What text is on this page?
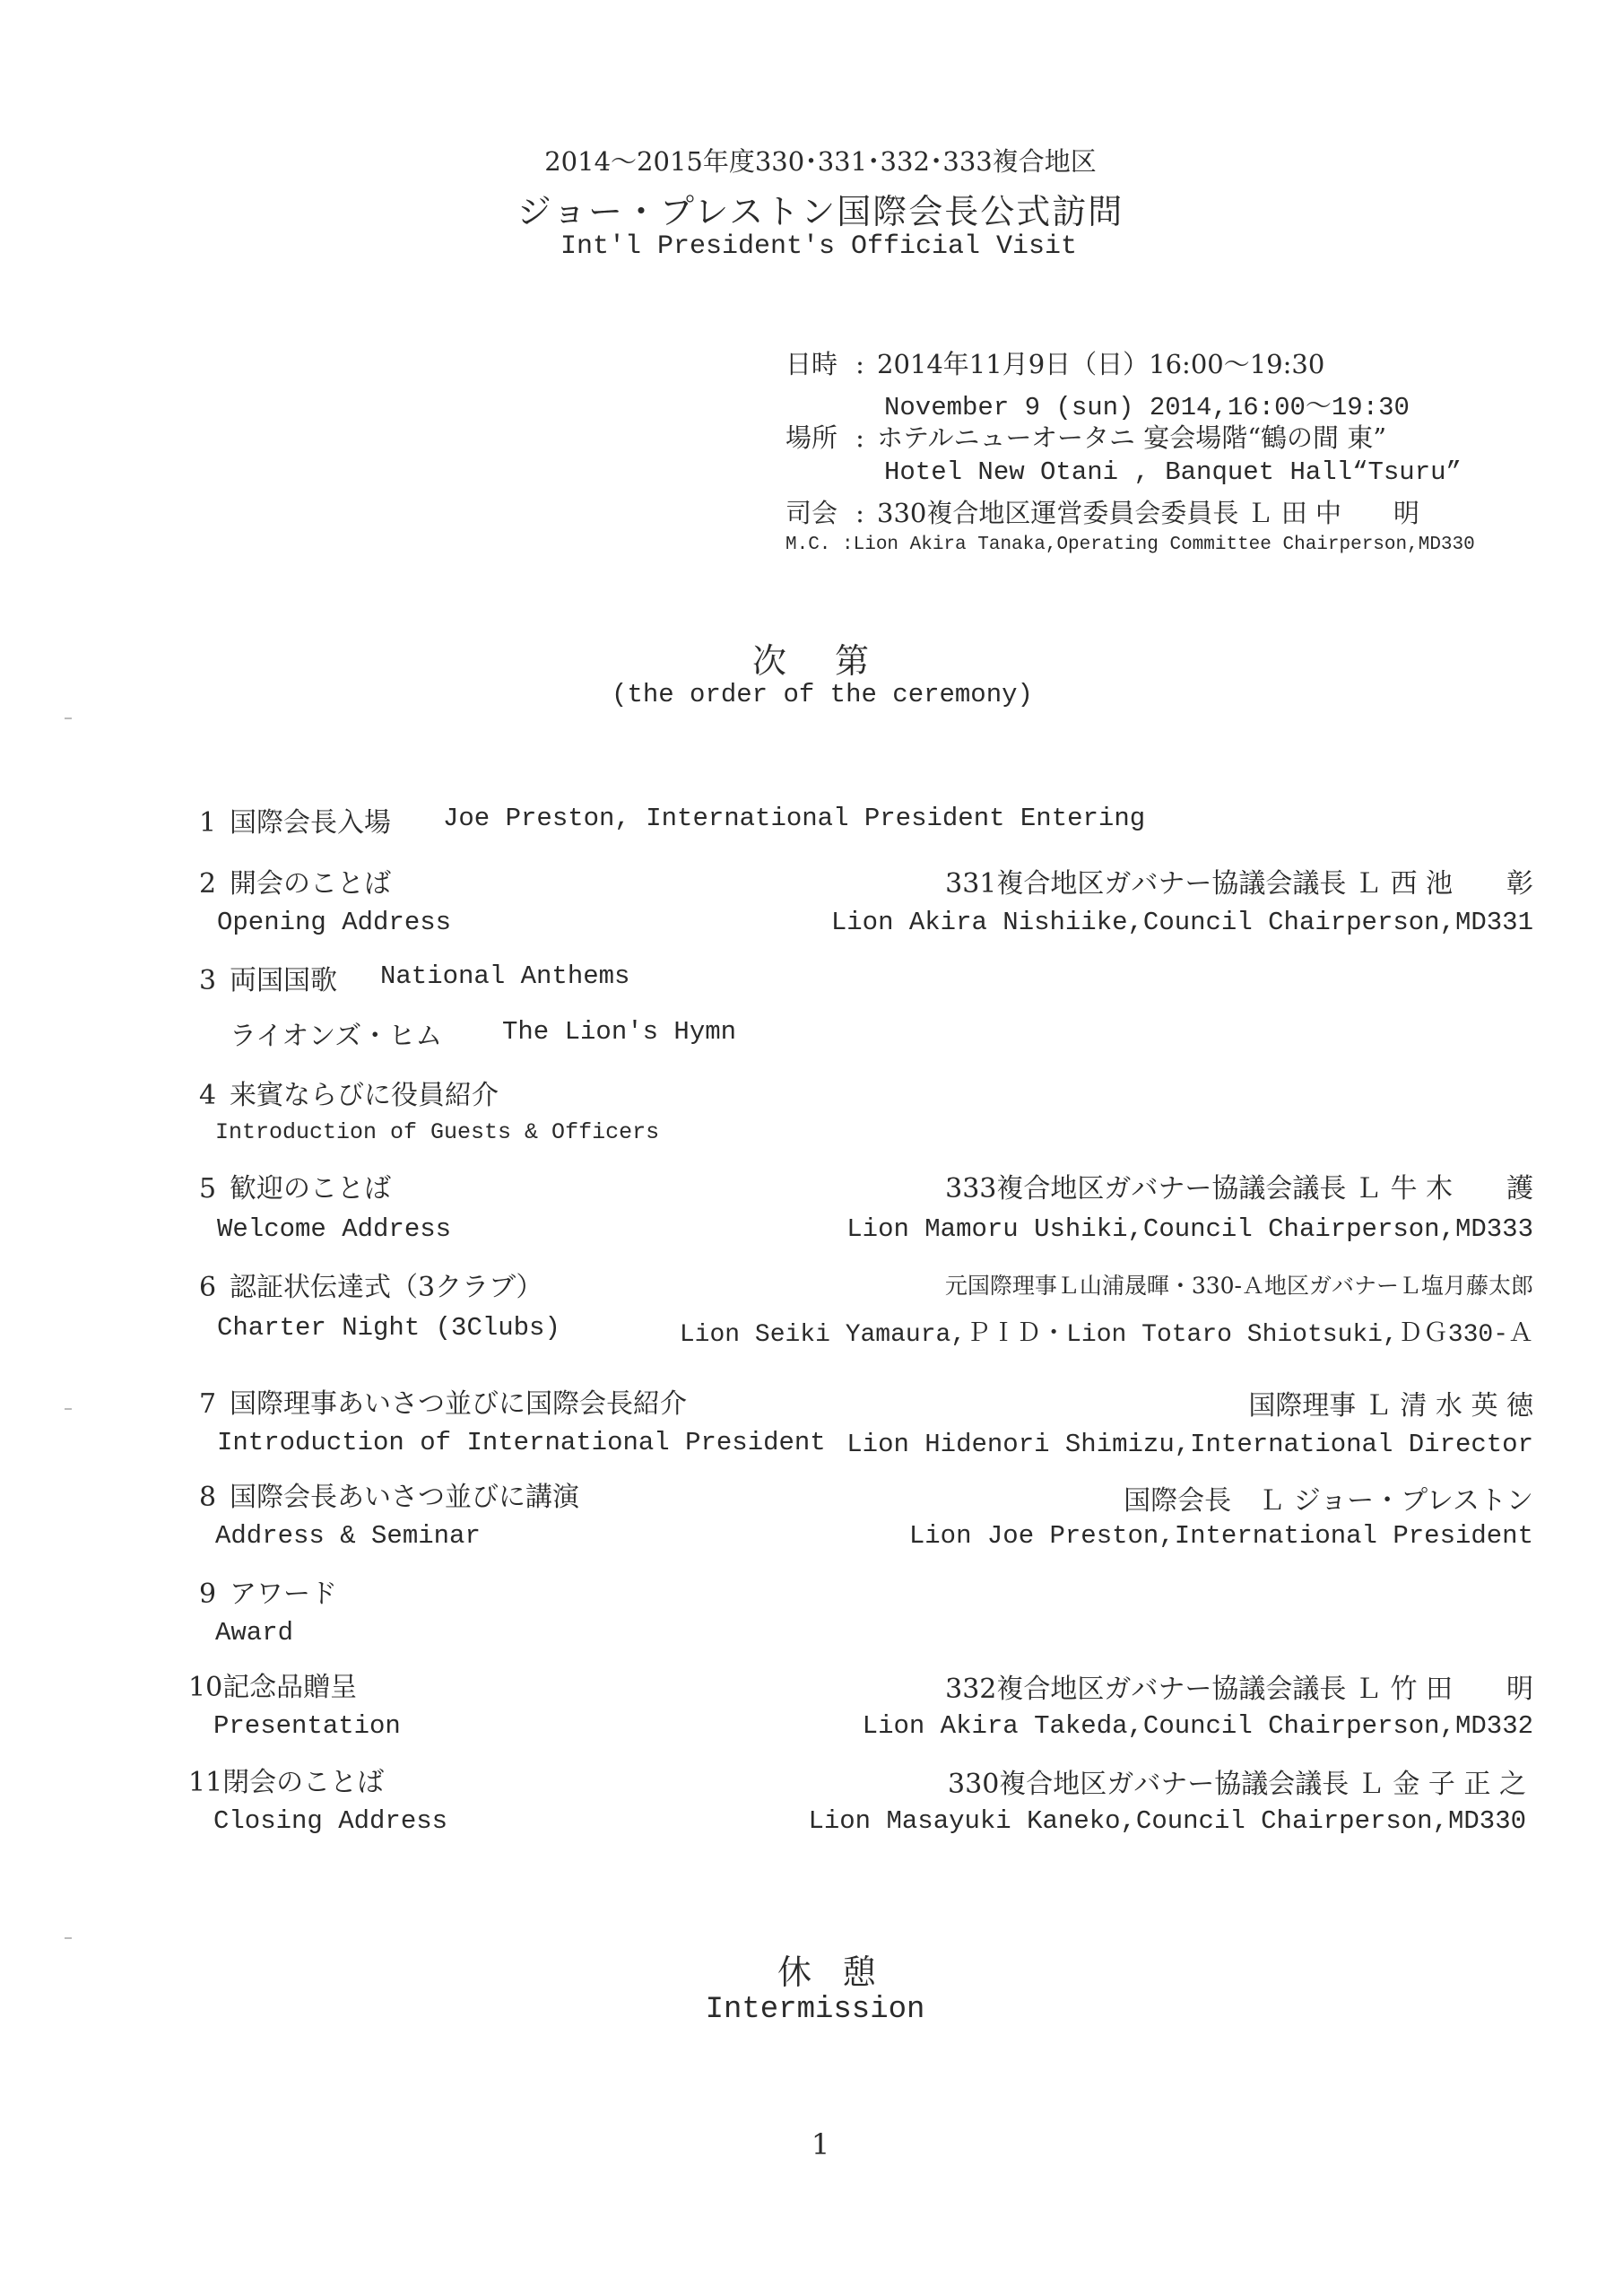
2014～2015年度330･331･332･333複合地区
ジョー・プレストン国際会長公式訪問
Int'l President's Official Visit
日時 : 2014年11月9日（日）16:00～19:30
November 9 (sun) 2014,16:00～19:30
場所 : ホテルニューオータニ 宴会場階“鶴の間 東”
Hotel New Otani , Banquet Hall“Tsuru”
司会 : 330複合地区運営委員会委員長 Ｌ 田 中　　明
M.C. :Lion Akira Tanaka,Operating Committee Chairperson,MD330
次第
(the order of the ceremony)
1 国際会長入場 Joe Preston, International President Entering
2 開会のことば
Opening Address
331複合地区ガバナー協議会議長 Ｌ 西 池　　彰
Lion Akira Nishiike,Council Chairperson,MD331
3 両国国歌 National Anthems
ライオンズ・ヒム The Lion's Hymn
4 来賓ならびに役員紹介
Introduction of Guests & Officers
5 歓迎のことば
Welcome Address
333複合地区ガバナー協議会議長 Ｌ 牛 木　　護
Lion Mamoru Ushiki,Council Chairperson,MD333
6 認証状伝達式（3クラブ）
Charter Night (3Clubs)
元国際理事Ｌ山浦晟暉・330-Ａ地区ガバナーＬ塩月藤太郎
Lion Seiki Yamaura,ＰＩＤ・Lion Totaro Shiotsuki,ＤＧ330-Ａ
7 国際理事あいさつ並びに国際会長紹介
Introduction of International President
国際理事 Ｌ 清 水 英 徳
Lion Hidenori Shimizu,International Director
8 国際会長あいさつ並びに講演
Address & Seminar
国際会長　Ｌ ジョー・プレストン
Lion Joe Preston,International President
9 アワード
Award
10記念品贈呈
Presentation
332複合地区ガバナー協議会議長 Ｌ 竹 田　　明
Lion Akira Takeda,Council Chairperson,MD332
11閉会のことば
Closing Address
330複合地区ガバナー協議会議長 Ｌ 金 子 正 之
Lion Masayuki Kaneko,Council Chairperson,MD330
休憩
Intermission
1
